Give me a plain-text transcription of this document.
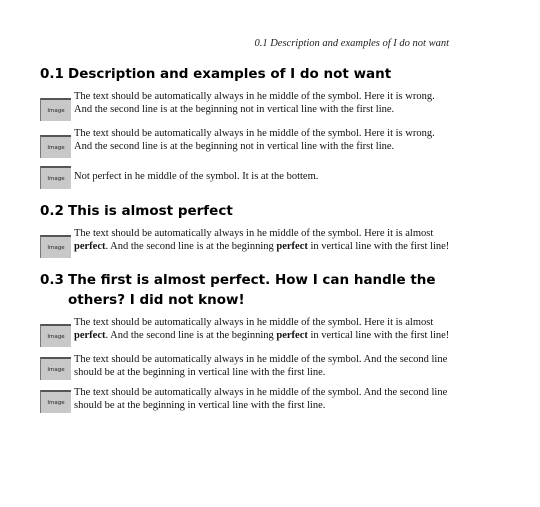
0.1 Description and examples of I do not want
0.1 Description and examples of I do not want
Image
The text should be automatically always in he middle of the symbol. Here it is wrong. And the second line is at the beginning not in vertical line with the first line.
Image
The text should be automatically always in he middle of the symbol. Here it is wrong. And the second line is at the beginning not in vertical line with the first line.
Image Not perfect in he middle of the symbol. It is at the bottem.
0.2 This is almost perfect
Image
The text should be automatically always in he middle of the symbol. Here it is almost perfect. And the second line is at the beginning perfect in vertical line with the first line!
0.3 The first is almost perfect. How I can handle the others? I did not know!
Image
The text should be automatically always in he middle of the symbol. Here it is almost perfect. And the second line is at the beginning perfect in vertical line with the first line!
Image
The text should be automatically always in he middle of the symbol. And the second line should be at the beginning in vertical line with the first line.
Image
The text should be automatically always in he middle of the symbol. And the second line should be at the beginning in vertical line with the first line.
